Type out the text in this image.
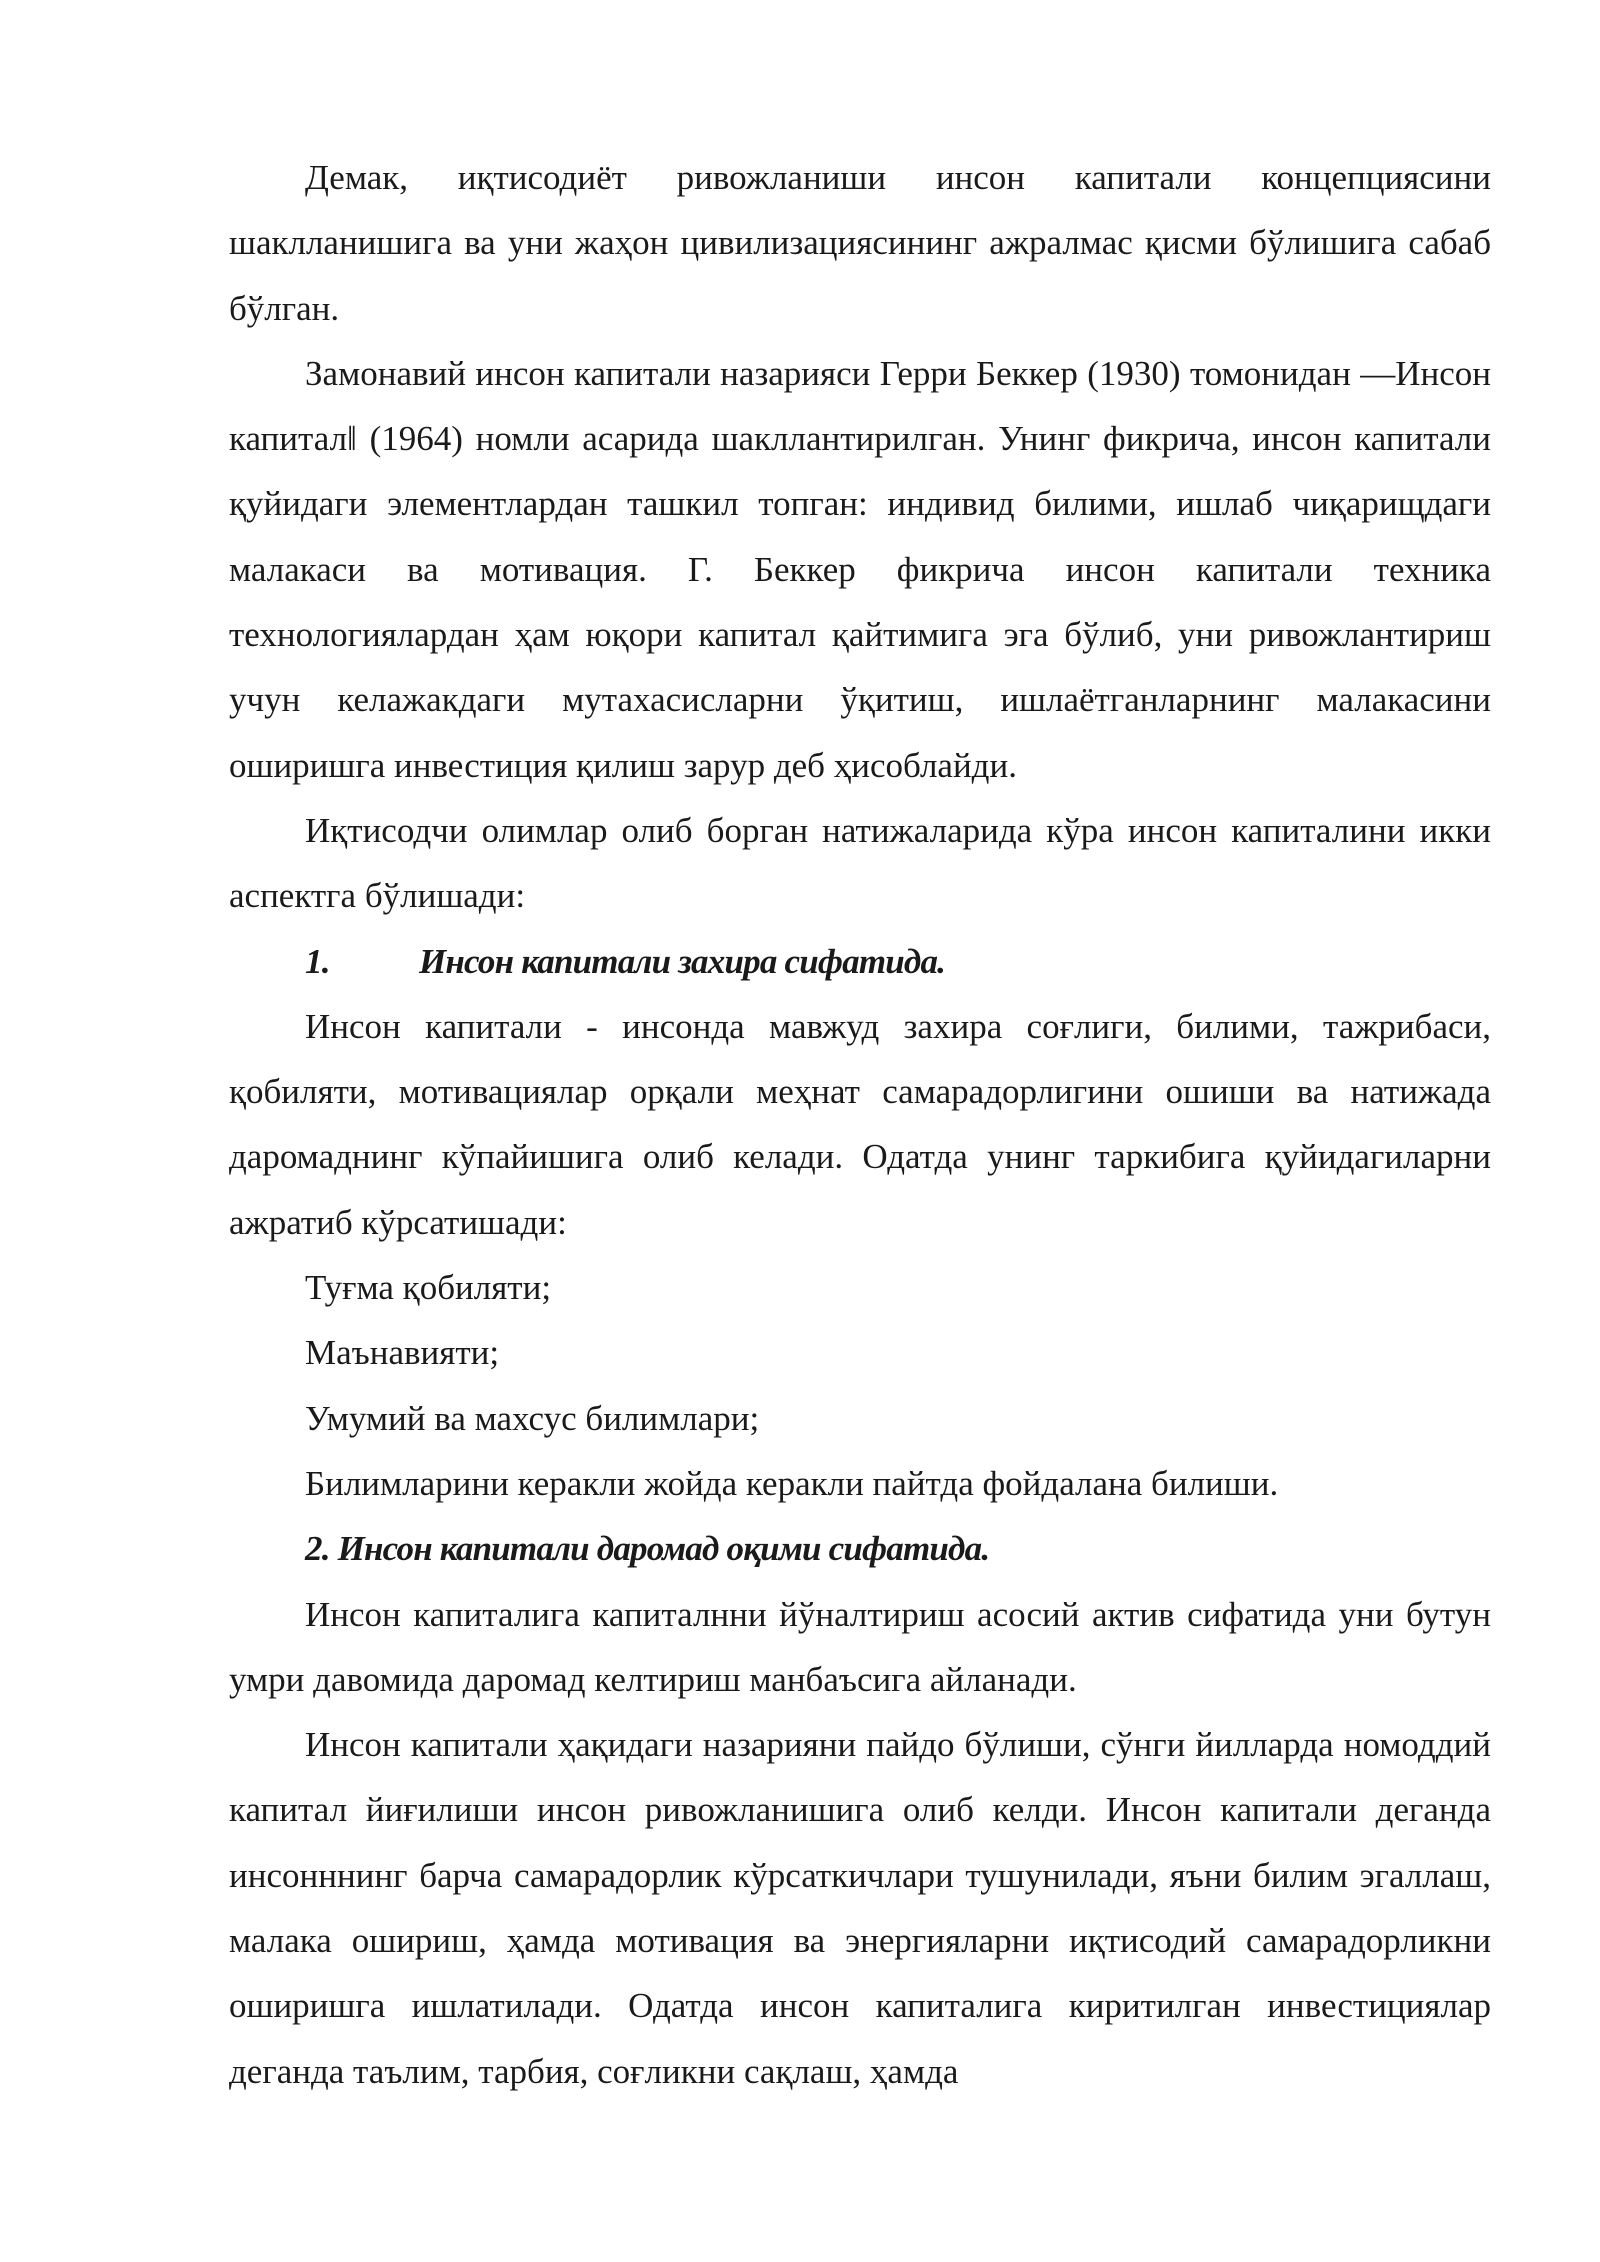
Демак, иқтисодиёт ривожланиши инсон капитали концепциясини шаклланишига ва уни жаҳон цивилизациясининг ажралмас қисми бўлишига сабаб бўлган.

Замонавий инсон капитали назарияси Герри Беккер (1930) томонидан ―Инсон капитал‖ (1964) номли асарида шакллантирилган. Унинг фикрича, инсон капитали қуйидаги элементлардан ташкил топган: индивид билими, ишлаб чиқарищдаги малакаси ва мотивация. Г. Беккер фикрича инсон капитали техника технологиялардан ҳам юқори капитал қайтимига эга бўлиб, уни ривожлантириш учун келажакдаги мутахасисларни ўқитиш, ишлаётганларнинг малакасини оширишга инвестиция қилиш зарур деб ҳисоблайди.

Иқтисодчи олимлар олиб борган натижаларида кўра инсон капиталини икки аспектга бўлишади:

1.	Инсон капитали захира сифатида.

Инсон капитали - инсонда мавжуд захира соғлиги, билими, тажрибаси, қобиляти, мотивациялар орқали меҳнат самарадорлигини ошиши ва натижада даромаднинг кўпайишига олиб келади. Одатда унинг таркибига қуйидагиларни ажратиб кўрсатишади:

Туғма қобиляти;

Маънавияти;

Умумий ва махсус билимлари;

Билимларини керакли жойда керакли пайтда фойдалана билиши.

2. Инсон капитали даромад оқими сифатида.

Инсон капиталига капиталнни йўналтириш асосий актив сифатида уни бутун умри давомида даромад келтириш манбаъсига айланади.

Инсон капитали ҳақидаги назарияни пайдо бўлиши, сўнги йилларда номоддий капитал йиғилиши инсон ривожланишига олиб келди. Инсон капитали деганда инсонннинг барча самарадорлик кўрсаткичлари тушунилади, яъни билим эгаллаш, малака ошириш, ҳамда мотивация ва энергияларни иқтисодий самарадорликни оширишга ишлатилади. Одатда инсон капиталига киритилган инвестициялар деганда таълим, тарбия, соғликни сақлаш, ҳамда
